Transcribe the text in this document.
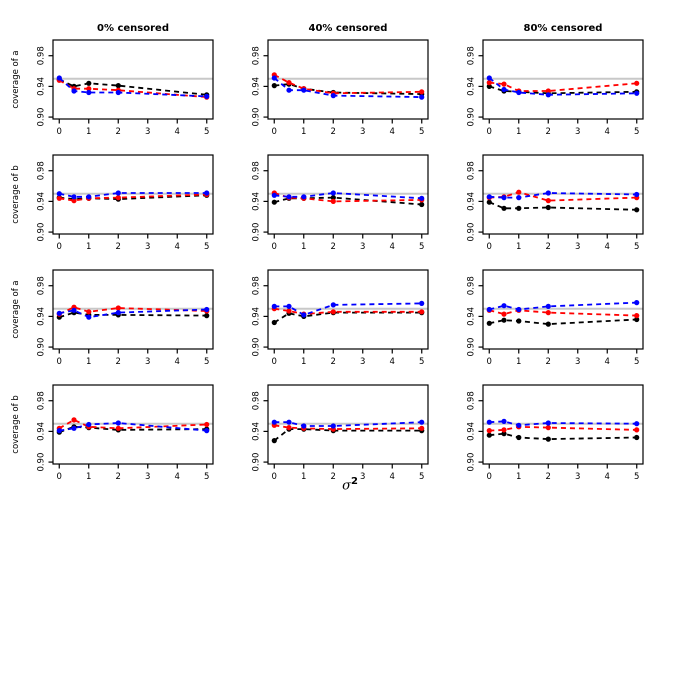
0% censored	40% censored	80% censored
0	1	2	3	4	5
0.90
0.94
0.98
coverage of a
0	1	2	3	4	5
0.90
0.94
0.98
0	1	2	3	4	5
0.90
0.94
0.98
0	1	2	3	4	5
0.90
0.94
0.98
coverage of b
0	1	2	3	4	5
0.90
0.94
0.98
0	1	2	3	4	5
0.90
0.94
0.98
0	1	2	3	4	5
0.90
0.94
0.98
coverage of a
0	1	2	3	4	5
0.90
0.94
0.98
0	1	2	3	4	5
0.90
0.94
0.98
0	1	2	3	4	5
0.90
0.94
0.98
coverage of b
0	1	2	3	4	5
0.90
0.94
0.98
0	1	2	3	4	5
0.90
0.94
0.98
$\sigma^2$
